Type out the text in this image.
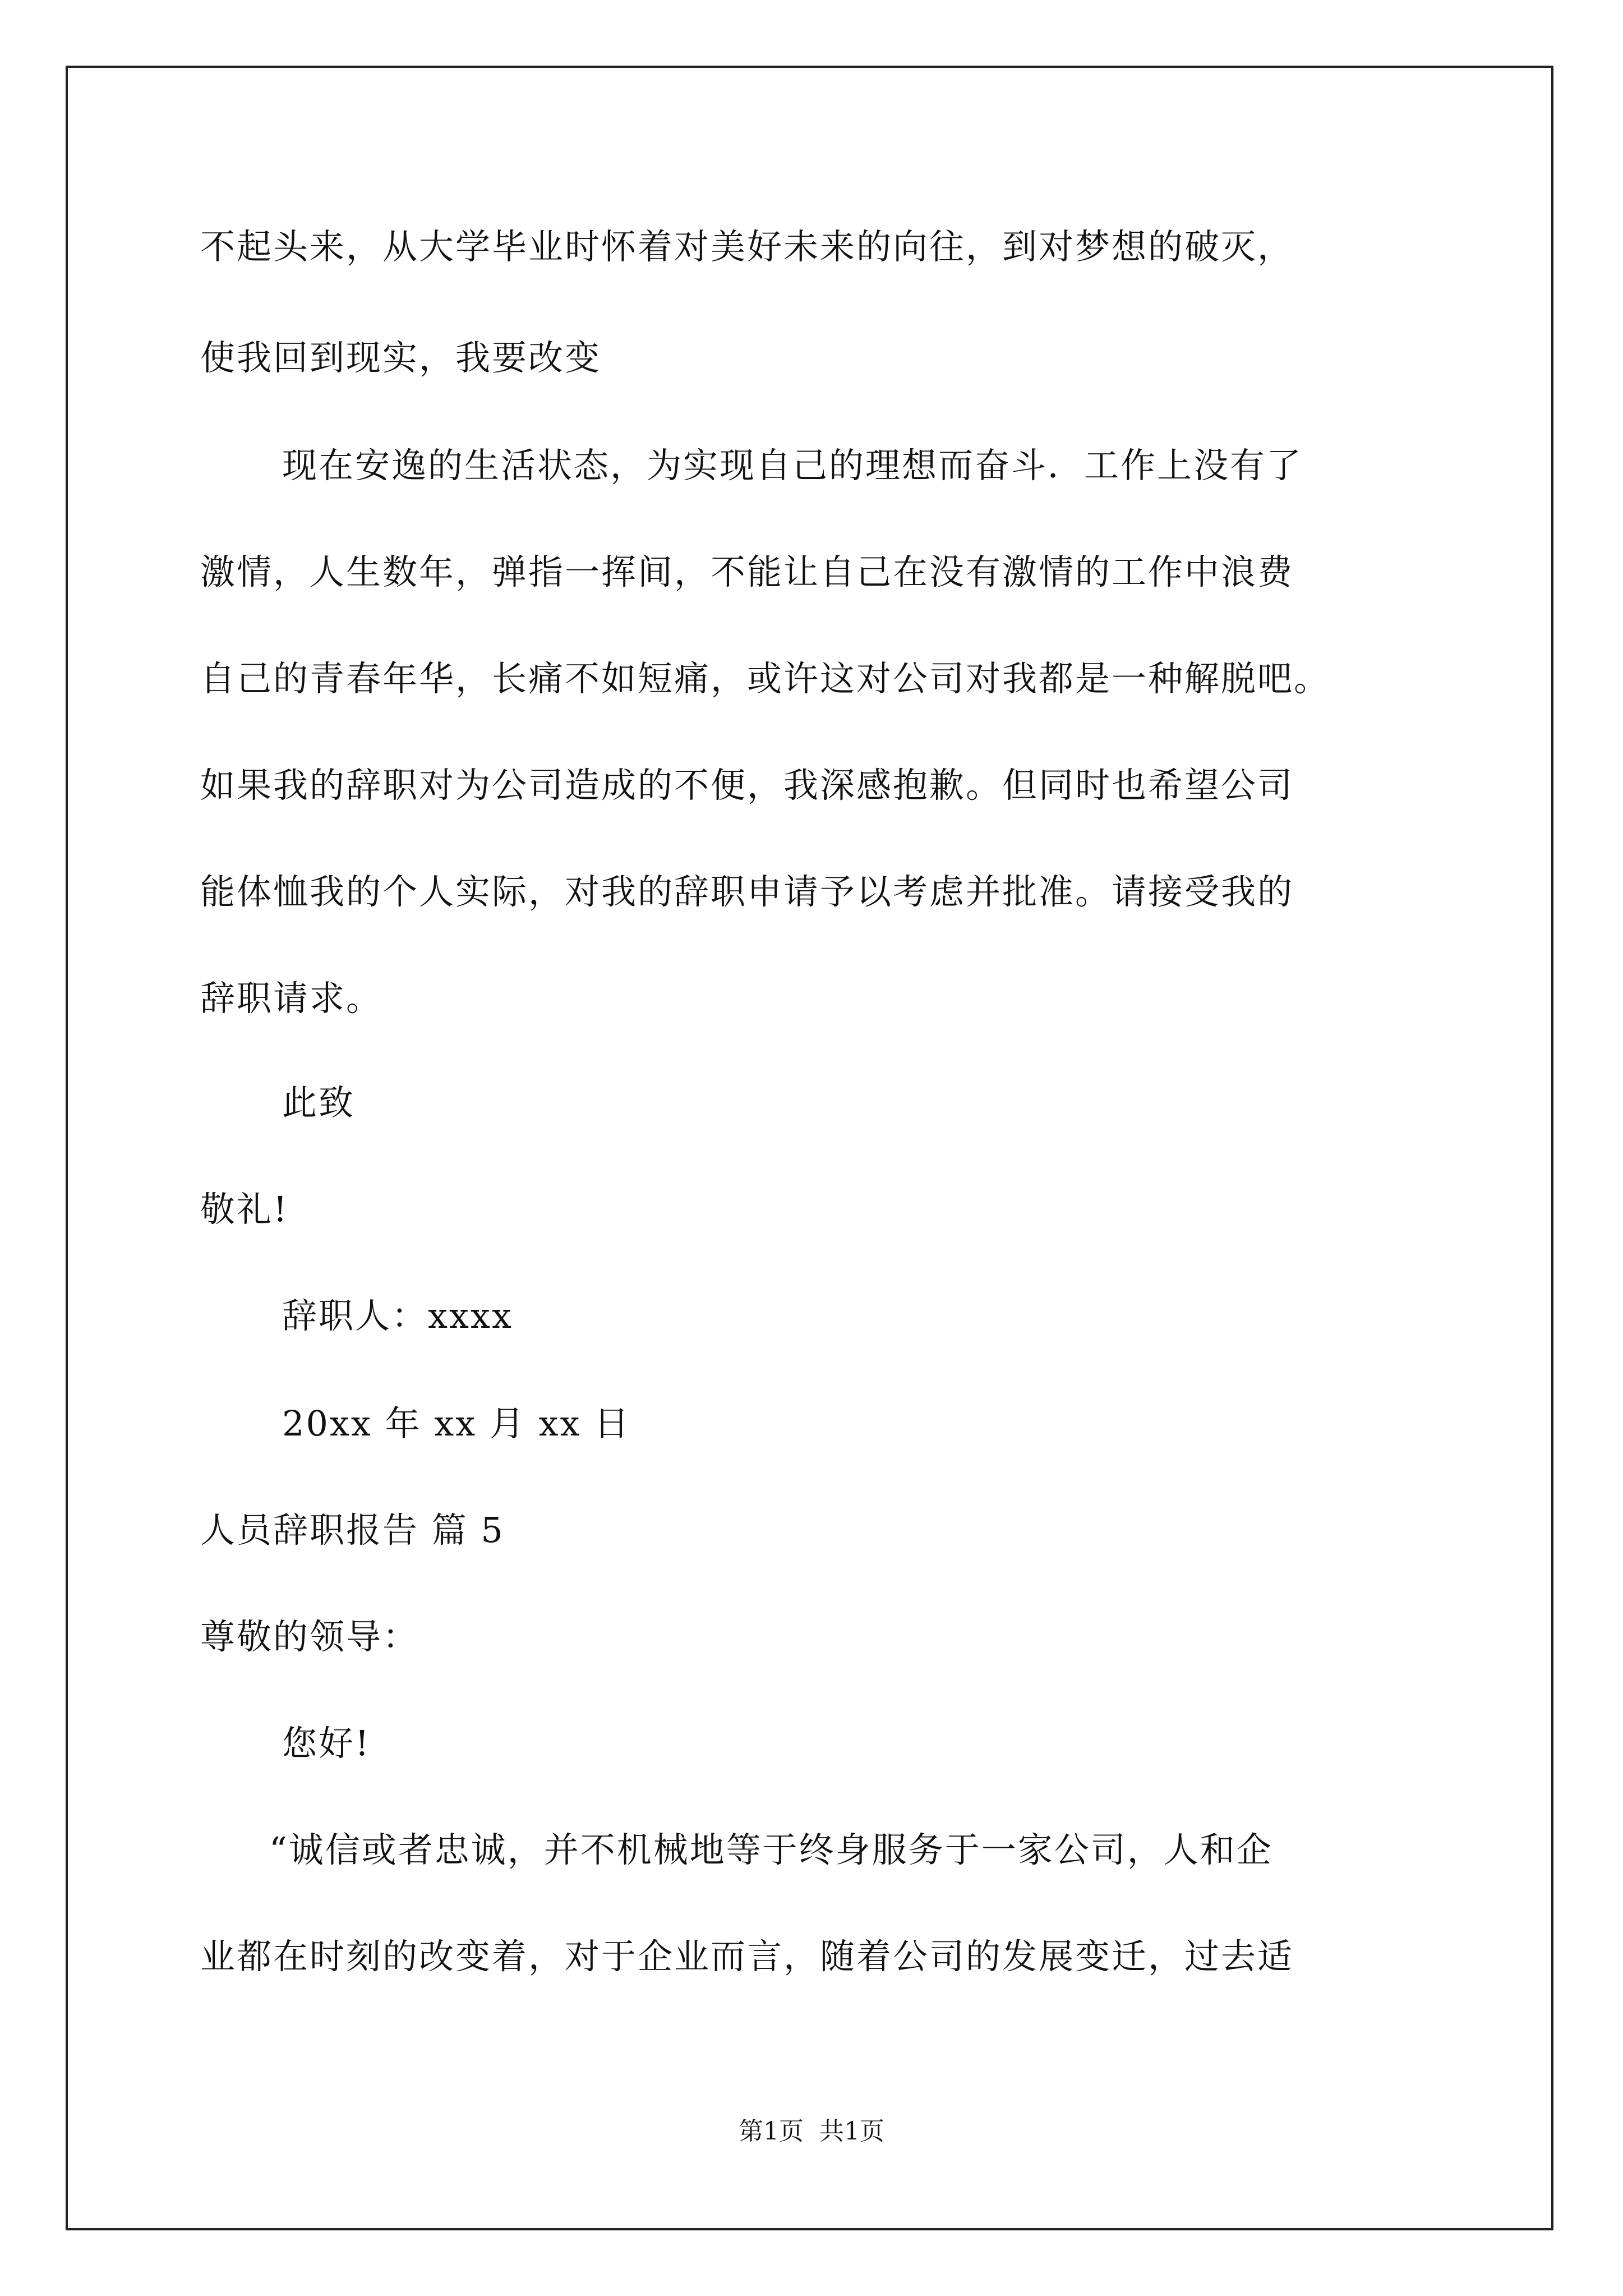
不起头来，从大学毕业时怀着对美好未来的向往，到对梦想的破灭，
使我回到现实，我要改变
现在安逸的生活状态，为实现自己的理想而奋斗．工作上没有了
激情，人生数年，弹指一挥间，不能让自己在没有激情的工作中浪费
自己的青春年华，长痛不如短痛，或许这对公司对我都是一种解脱吧。
如果我的辞职对为公司造成的不便，我深感抱歉。但同时也希望公司
能体恤我的个人实际，对我的辞职申请予以考虑并批准。请接受我的
辞职请求。
此致
敬礼!
辞职人：xxxx
20xx 年 xx 月 xx 日
人员辞职报告 篇 5
尊敬的领导：
您好!
“诚信或者忠诚，并不机械地等于终身服务于一家公司，人和企
业都在时刻的改变着，对于企业而言，随着公司的发展变迁，过去适
第1页  共1页
